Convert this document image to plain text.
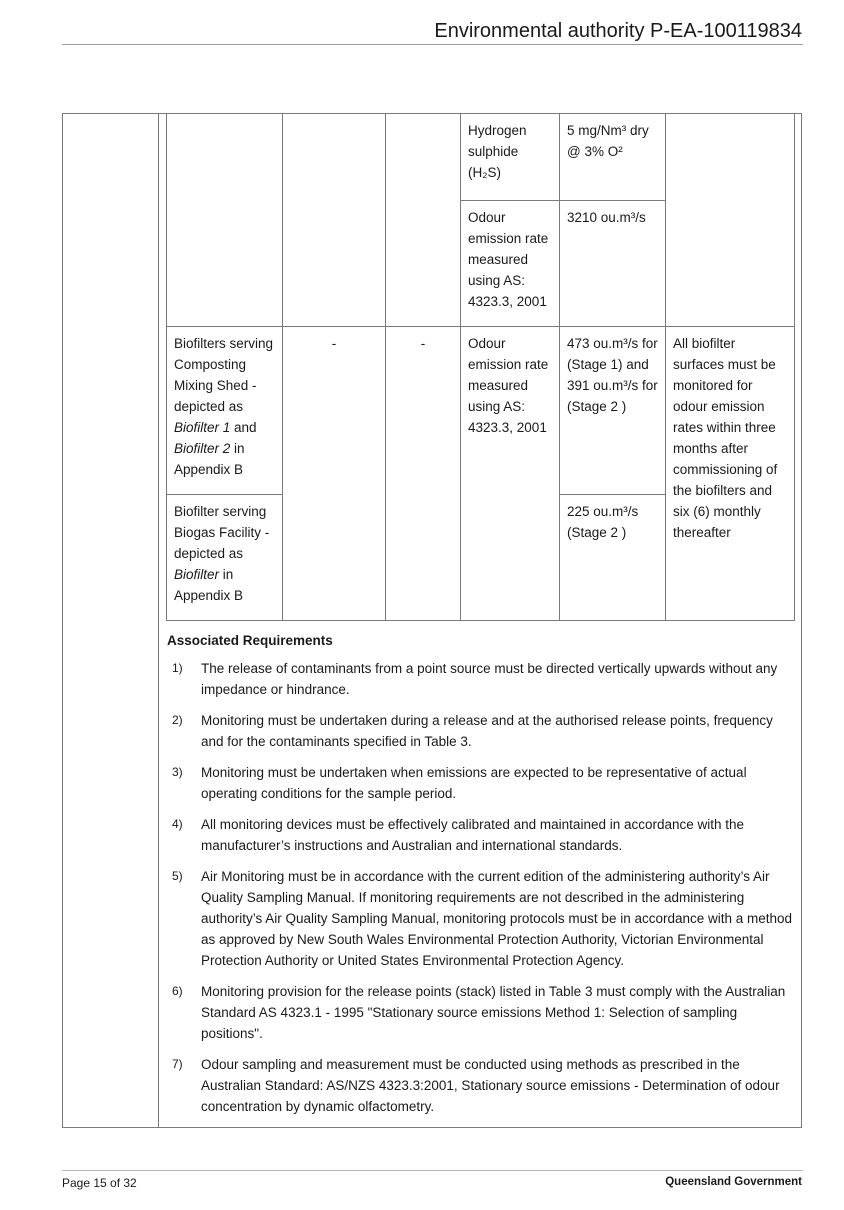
Environmental authority P-EA-100119834
			Hydrogen sulphide (H₂S)	5 mg/Nm³ dry @ 3% O²	
			Odour emission rate measured using AS: 4323.3, 2001	3210 ou.m³/s	
Biofilters serving Composting Mixing Shed - depicted as Biofilter 1 and Biofilter 2 in Appendix B	-	-	Odour emission rate measured using AS: 4323.3, 2001	473 ou.m³/s for (Stage 1) and 391 ou.m³/s for (Stage 2 )	All biofilter surfaces must be monitored for odour emission rates within three months after commissioning of the biofilters and six (6) monthly thereafter
Biofilter serving Biogas Facility - depicted as Biofilter in Appendix B				225 ou.m³/s (Stage 2 )	
Associated Requirements
1) The release of contaminants from a point source must be directed vertically upwards without any impedance or hindrance.
2) Monitoring must be undertaken during a release and at the authorised release points, frequency and for the contaminants specified in Table 3.
3) Monitoring must be undertaken when emissions are expected to be representative of actual operating conditions for the sample period.
4) All monitoring devices must be effectively calibrated and maintained in accordance with the manufacturer’s instructions and Australian and international standards.
5) Air Monitoring must be in accordance with the current edition of the administering authority’s Air Quality Sampling Manual. If monitoring requirements are not described in the administering authority’s Air Quality Sampling Manual, monitoring protocols must be in accordance with a method as approved by New South Wales Environmental Protection Authority, Victorian Environmental Protection Authority or United States Environmental Protection Agency.
6) Monitoring provision for the release points (stack) listed in Table 3 must comply with the Australian Standard AS 4323.1 - 1995 "Stationary source emissions Method 1: Selection of sampling positions".
7) Odour sampling and measurement must be conducted using methods as prescribed in the Australian Standard: AS/NZS 4323.3:2001, Stationary source emissions - Determination of odour concentration by dynamic olfactometry.
Page 15 of 32	Queensland Government
